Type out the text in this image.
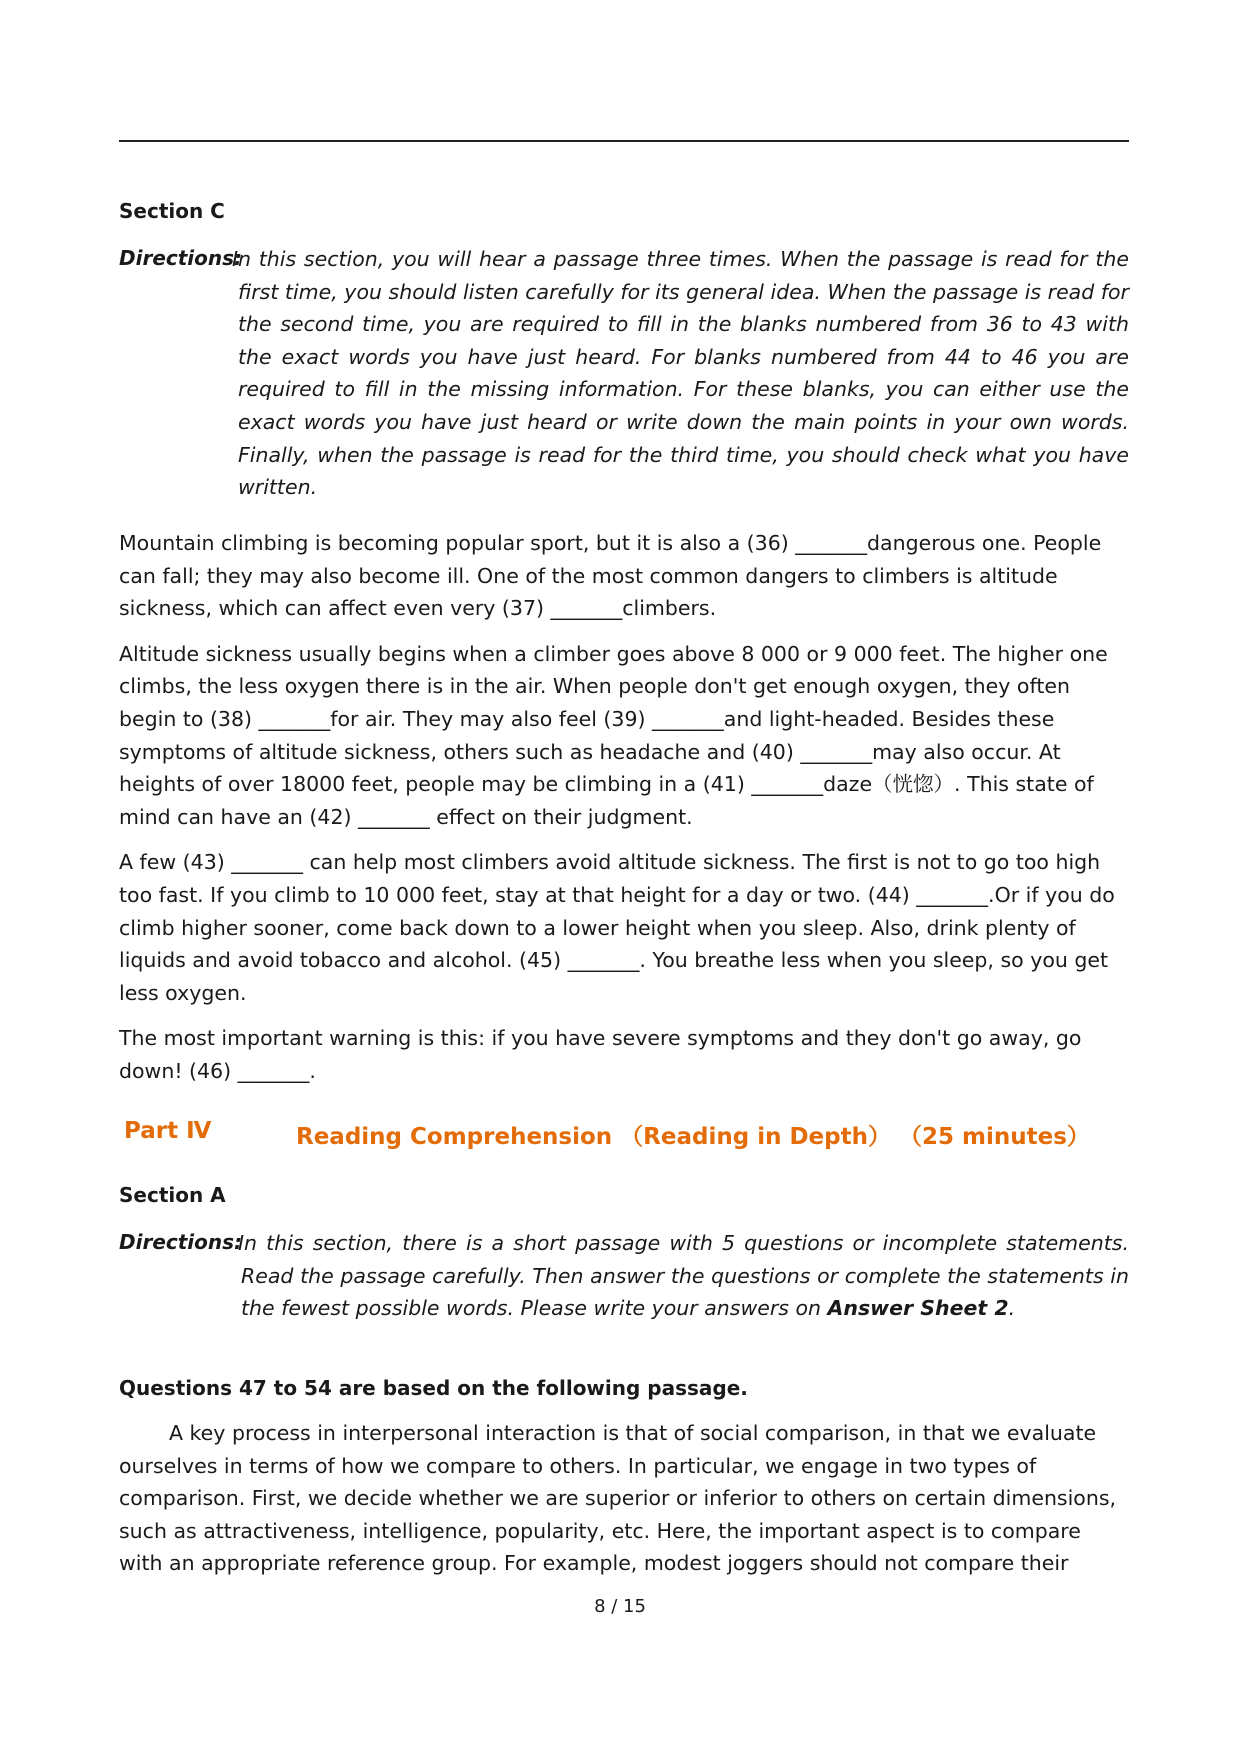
Section C
Directions:
In this section, you will hear a passage three times. When the passage is read for the first time, you should listen carefully for its general idea. When the passage is read for the second time, you are required to fill in the blanks numbered from 36 to 43 with the exact words you have just heard. For blanks numbered from 44 to 46 you are required to fill in the missing information. For these blanks, you can either use the exact words you have just heard or write down the main points in your own words. Finally, when the passage is read for the third time, you should check what you have written.

Mountain climbing is becoming popular sport, but it is also a (36) _______dangerous one. People can fall; they may also become ill. One of the most common dangers to climbers is altitude sickness, which can affect even very (37) _______climbers.

Altitude sickness usually begins when a climber goes above 8 000 or 9 000 feet. The higher one climbs, the less oxygen there is in the air. When people don't get enough oxygen, they often begin to (38) _______for air. They may also feel (39) _______and light-headed. Besides these symptoms of altitude sickness, others such as headache and (40) _______may also occur. At heights of over 18000 feet, people may be climbing in a (41) _______daze（恍惚）. This state of mind can have an (42) _______ effect on their judgment.

A few (43) _______ can help most climbers avoid altitude sickness. The first is not to go too high too fast. If you climb to 10 000 feet, stay at that height for a day or two. (44) _______.Or if you do climb higher sooner, come back down to a lower height when you sleep. Also, drink plenty of liquids and avoid tobacco and alcohol. (45) _______. You breathe less when you sleep, so you get less oxygen.

The most important warning is this: if you have severe symptoms and they don't go away, go down! (46) _______.

Part Ⅳ	Reading Comprehension （Reading in Depth） （25 minutes）
Section A
Directions:
In this section, there is a short passage with 5 questions or incomplete statements. Read the passage carefully. Then answer the questions or complete the statements in the fewest possible words. Please write your answers on Answer Sheet 2.
Questions 47 to 54 are based on the following passage.

A key process in interpersonal interaction is that of social comparison, in that we evaluate ourselves in terms of how we compare to others. In particular, we engage in two types of comparison. First, we decide whether we are superior or inferior to others on certain dimensions, such as attractiveness, intelligence, popularity, etc. Here, the important aspect is to compare with an appropriate reference group. For example, modest joggers should not compare their

8 / 15
